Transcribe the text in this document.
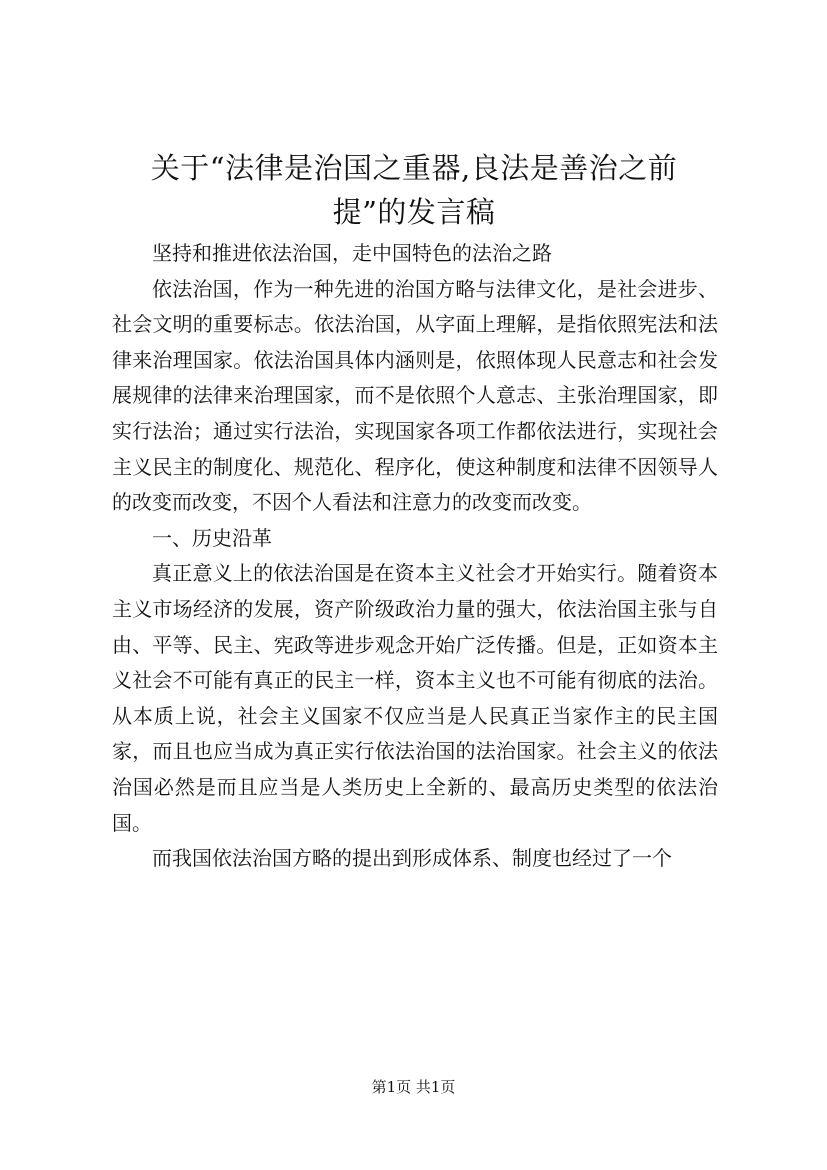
关于“法律是治国之重器,良法是善治之前
提”的发言稿

坚持和推进依法治国，走中国特色的法治之路

依法治国，作为一种先进的治国方略与法律文化，是社会进步、社会文明的重要标志。依法治国，从字面上理解，是指依照宪法和法律来治理国家。依法治国具体内涵则是，依照体现人民意志和社会发展规律的法律来治理国家，而不是依照个人意志、主张治理国家，即实行法治；通过实行法治，实现国家各项工作都依法进行，实现社会主义民主的制度化、规范化、程序化，使这种制度和法律不因领导人的改变而改变，不因个人看法和注意力的改变而改变。

一、历史沿革

真正意义上的依法治国是在资本主义社会才开始实行。随着资本主义市场经济的发展，资产阶级政治力量的强大，依法治国主张与自由、平等、民主、宪政等进步观念开始广泛传播。但是，正如资本主义社会不可能有真正的民主一样，资本主义也不可能有彻底的法治。从本质上说，社会主义国家不仅应当是人民真正当家作主的民主国家，而且也应当成为真正实行依法治国的法治国家。社会主义的依法治国必然是而且应当是人类历史上全新的、最高历史类型的依法治国。

而我国依法治国方略的提出到形成体系、制度也经过了一个

第1页 共1页
